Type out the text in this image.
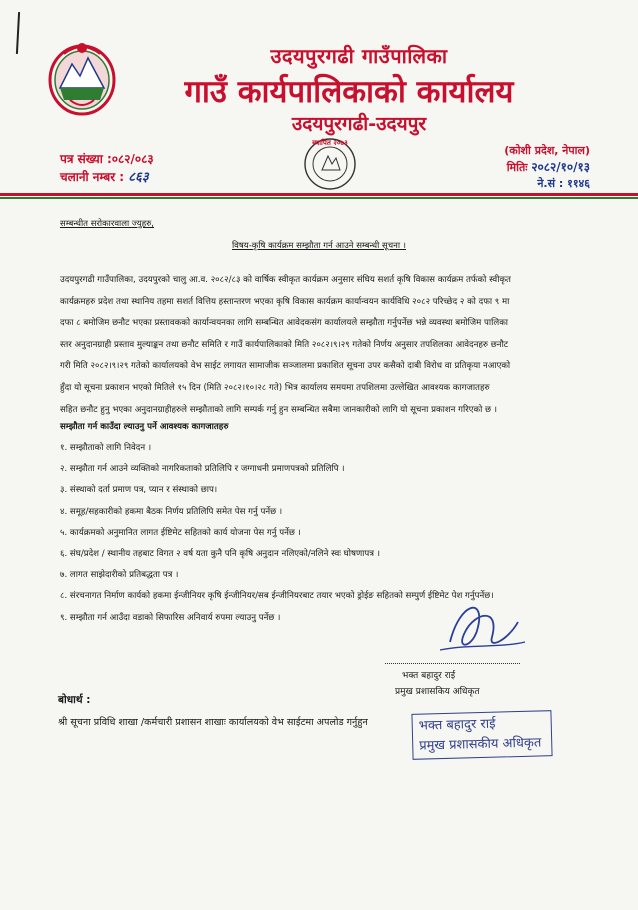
उदयपुरगढी गाउँपालिका
गाउँ कार्यपालिकाको कार्यालय
उदयपुरगढी-उदयपुर
स्थापित २०७३
पत्र संख्या :०८२/०८३
चलानी नम्बर : ८६३
(कोशी प्रदेश, नेपाल)
मितिः २०८२/१०/१३
ने.सं : ११४६
सम्बन्धीत सरोकारवाला ज्युहरु,
विषय-कृषि कार्यक्रम सम्झौता गर्न आउने सम्बन्धी सूचना ।
उदयपुरगढी गाउँपालिका, उदयपुरको चालु आ.व. २०८२/८३ को वार्षिक स्वीकृत कार्यक्रम अनुसार संघिय सशर्त कृषि विकास कार्यक्रम तर्फको स्वीकृत
कार्यक्रमहरु प्रदेश तथा स्थानिय तहमा सशर्त वित्तिय हस्तान्तरण भएका कृषि विकास कार्यक्रम कार्यान्वयन कार्यविधि २०८२ परिच्छेद २ को दफा ९ मा
दफा ८ बमोजिम छनौट भएका प्रस्तावकको कार्यान्वयनका लागि सम्बन्धित आवेदकसंग कार्यालयले सम्झौता गर्नुपर्नेछ भन्ने व्यवस्था बमोजिम पालिका
स्तर अनुदानग्राही प्रस्ताव मुल्याङ्कन तथा छनौट समिति र गाउँ कार्यपालिकाको मिति २०८२।९।२९ गतेको निर्णय अनुसार तपशिलका आवेदनहरु छनौट
गरी मिति २०८२।९।२९ गतेको कार्यालयको वेभ साईट लगायत सामाजीक सञ्जालमा प्रकाशित सूचना उपर कसैको दाबी विरोध वा प्रतिकृया नआएको
हुँदा यो सूचना प्रकाशन भएको मितिले १५ दिन (मिति २०८२।१०।२८ गते) भित्र कार्यालय समयमा तपशिलमा उल्लेखित आवश्यक कागजातहरु
सहित छनौट हुनु भएका अनुदानग्राहीहरुले सम्झौताको लागि सम्पर्क गर्नु हुन सम्बन्धित सबैमा जानकारीको लागि यो सूचना प्रकाशन गरिएको छ ।
सम्झौता गर्न काउँदा ल्याउनु पर्ने आवश्यक कागजातहरु
१. सम्झौताको लागि निवेदन ।
२. सम्झौता गर्न आउने व्यक्तिको नागरिकताको प्रतिलिपि र जग्गाधनी प्रमाणपत्रको प्रतिलिपि ।
३. संस्थाको दर्ता प्रमाण पत्र, प्यान र संस्थाको छाप।
४. समूह/सहकारीको हकमा बैठक निर्णय प्रतिलिपि समेत पेस गर्नु पर्नेछ ।
५. कार्यक्रमको अनुमानित लागत ईष्टिमेट सहितको कार्य योजना पेस गर्नु पर्नेछ ।
६. संघ/प्रदेश / स्थानीय तहबाट विगत २ वर्ष यता कुनै पनि कृषि अनुदान नलिएको/नलिने स्वः घोषणापत्र ।
७. लागत साझेदारीको प्रतिबद्धता पत्र ।
८. संरचनागत निर्माण कार्यको हकमा ईन्जीनियर कृषि ईन्जीनियर/सब ईन्जीनियरबाट तयार भएको ड्रोईङ सहितको सम्पुर्ण ईष्टिमेट पेश गर्नुपर्नेछ।
९. सम्झौता गर्न आउँदा वडाको सिफारिस अनिवार्य रुपमा ल्याउनु पर्नेछ ।
भक्त बहादुर राई
प्रमुख प्रशासकिय अधिकृत
बोधार्थ :
श्री सूचना प्रविधि शाखा /कर्मचारी प्रशासन शाखाः कार्यालयको वेभ साईटमा अपलोड गर्नुहुन	भक्त बहादुर राई
प्रमुख प्रशासकीय अधिकृत
